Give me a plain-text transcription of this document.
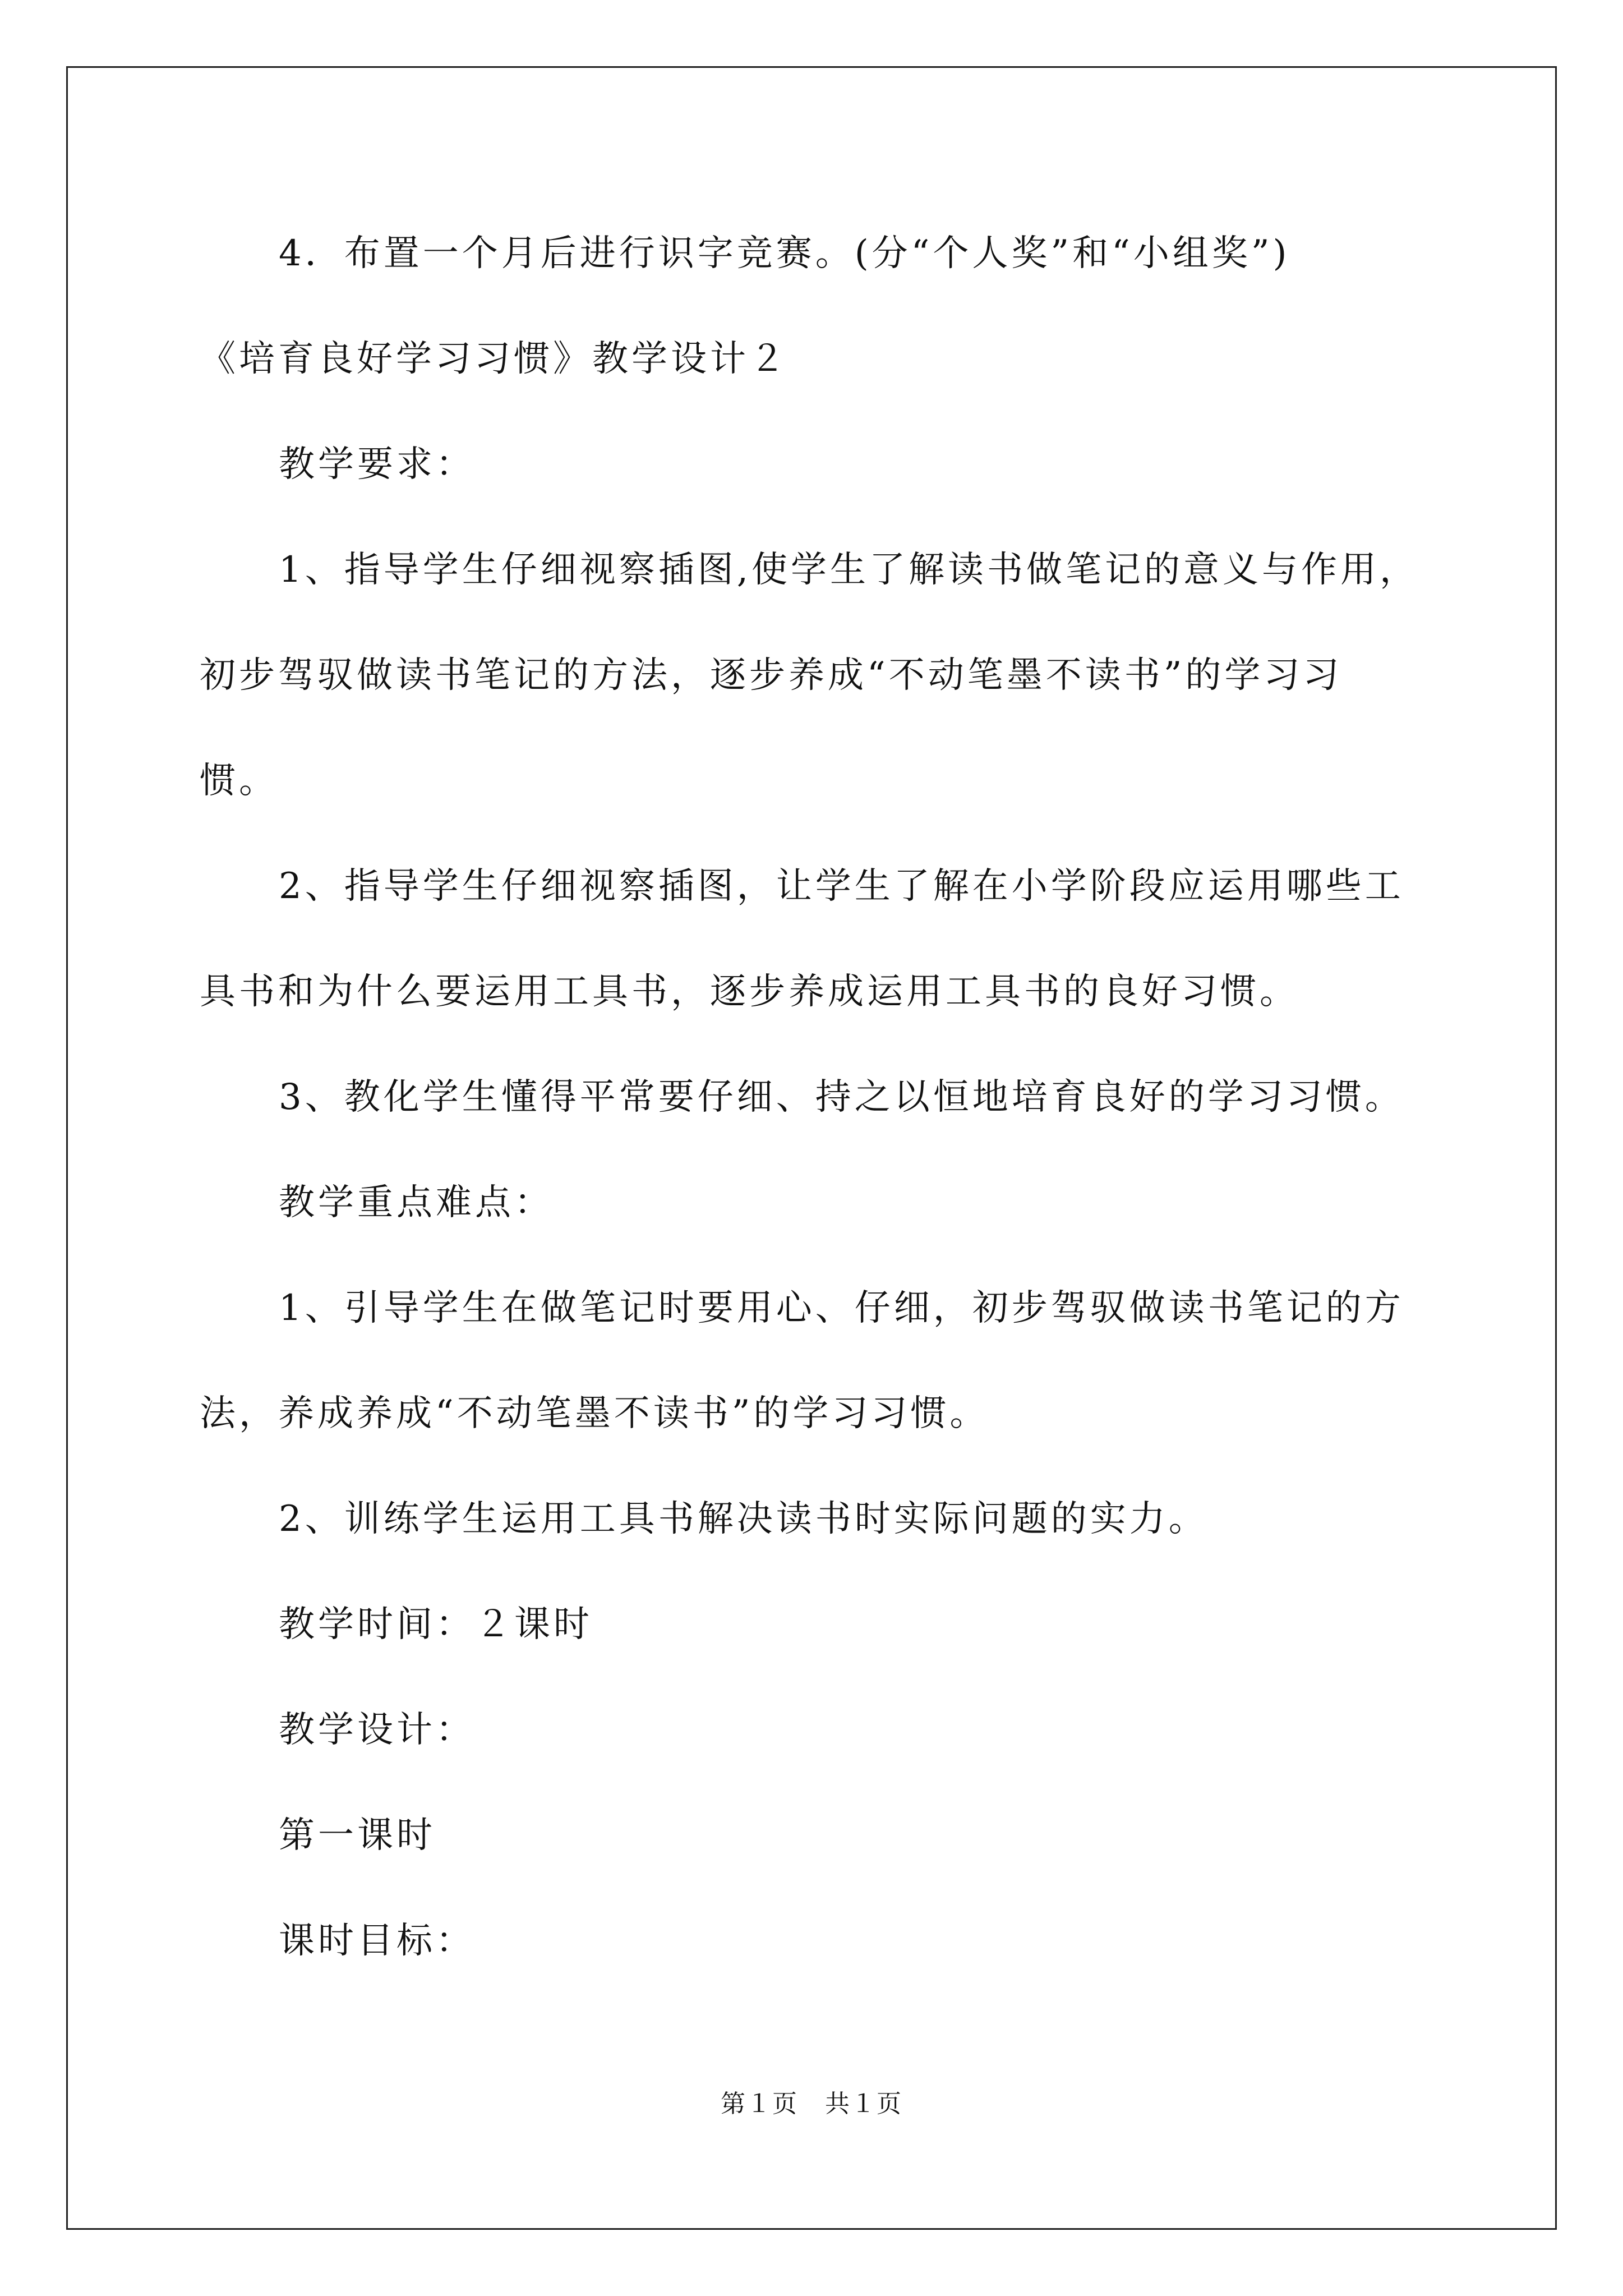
4．布置一个月后进行识字竞赛。(分“个人奖”和“小组奖”)
《培育良好学习习惯》教学设计２
教学要求：
1、指导学生仔细视察插图,使学生了解读书做笔记的意义与作用，
初步驾驭做读书笔记的方法，逐步养成“不动笔墨不读书”的学习习
惯。
2、指导学生仔细视察插图，让学生了解在小学阶段应运用哪些工
具书和为什么要运用工具书，逐步养成运用工具书的良好习惯。
3、教化学生懂得平常要仔细、持之以恒地培育良好的学习习惯。
教学重点难点：
1、引导学生在做笔记时要用心、仔细，初步驾驭做读书笔记的方
法，养成养成“不动笔墨不读书”的学习习惯。
2、训练学生运用工具书解决读书时实际问题的实力。
教学时间：２课时
教学设计：
第一课时
课时目标：
第１页 共１页
